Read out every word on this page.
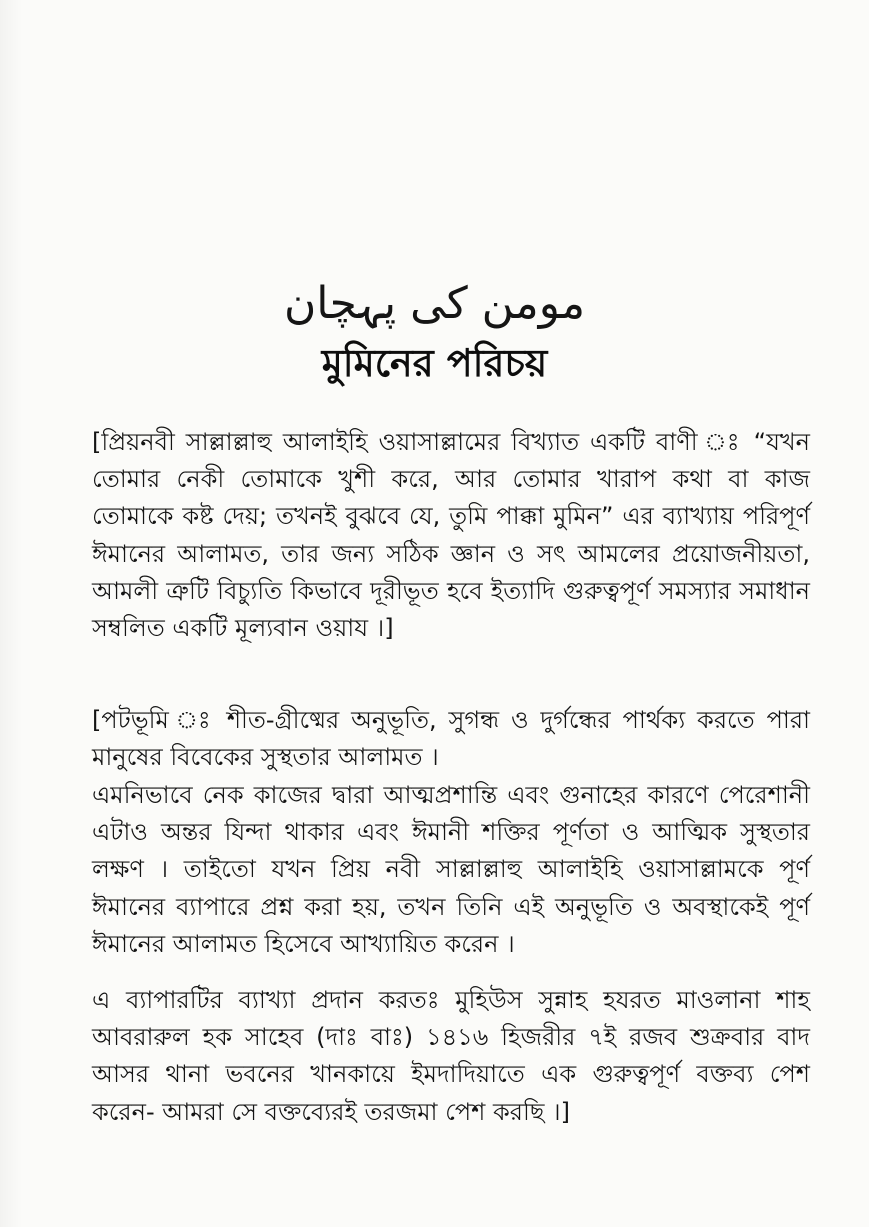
مومن کی پہچان
মুমিনের পরিচয়
[প্রিয়নবী সাল্লাল্লাহু আলাইহি ওয়াসাল্লামের বিখ্যাত একটি বাণী ঃ “যখন তোমার নেকী তোমাকে খুশী করে, আর তোমার খারাপ কথা বা কাজ তোমাকে কষ্ট দেয়; তখনই বুঝবে যে, তুমি পাক্কা মুমিন” এর ব্যাখ্যায় পরিপূর্ণ ঈমানের আলামত, তার জন্য সঠিক জ্ঞান ও সৎ আমলের প্রয়োজনীয়তা, আমলী ত্রুটি বিচ্যুতি কিভাবে দূরীভূত হবে ইত্যাদি গুরুত্বপূর্ণ সমস্যার সমাধান সম্বলিত একটি মূল্যবান ওয়ায ।]
[পটভূমি ঃ শীত-গ্রীষ্মের অনুভূতি, সুগন্ধ ও দুর্গন্ধের পার্থক্য করতে পারা মানুষের বিবেকের সুস্থতার আলামত ।
এমনিভাবে নেক কাজের দ্বারা আত্মপ্রশান্তি এবং গুনাহের কারণে পেরেশানী এটাও অন্তর যিন্দা থাকার এবং ঈমানী শক্তির পূর্ণতা ও আত্মিক সুস্থতার লক্ষণ । তাইতো যখন প্রিয় নবী সাল্লাল্লাহু আলাইহি ওয়াসাল্লামকে পূর্ণ ঈমানের ব্যাপারে প্রশ্ন করা হয়, তখন তিনি এই অনুভূতি ও অবস্থাকেই পূর্ণ ঈমানের আলামত হিসেবে আখ্যায়িত করেন ।
এ ব্যাপারটির ব্যাখ্যা প্রদান করতঃ মুহিউস সুন্নাহ হযরত মাওলানা শাহ আবরারুল হক সাহেব (দাঃ বাঃ) ১৪১৬ হিজরীর ৭ই রজব শুক্রবার বাদ আসর থানা ভবনের খানকায়ে ইমদাদিয়াতে এক গুরুত্বপূর্ণ বক্তব্য পেশ করেন- আমরা সে বক্তব্যেরই তরজমা পেশ করছি ।]
